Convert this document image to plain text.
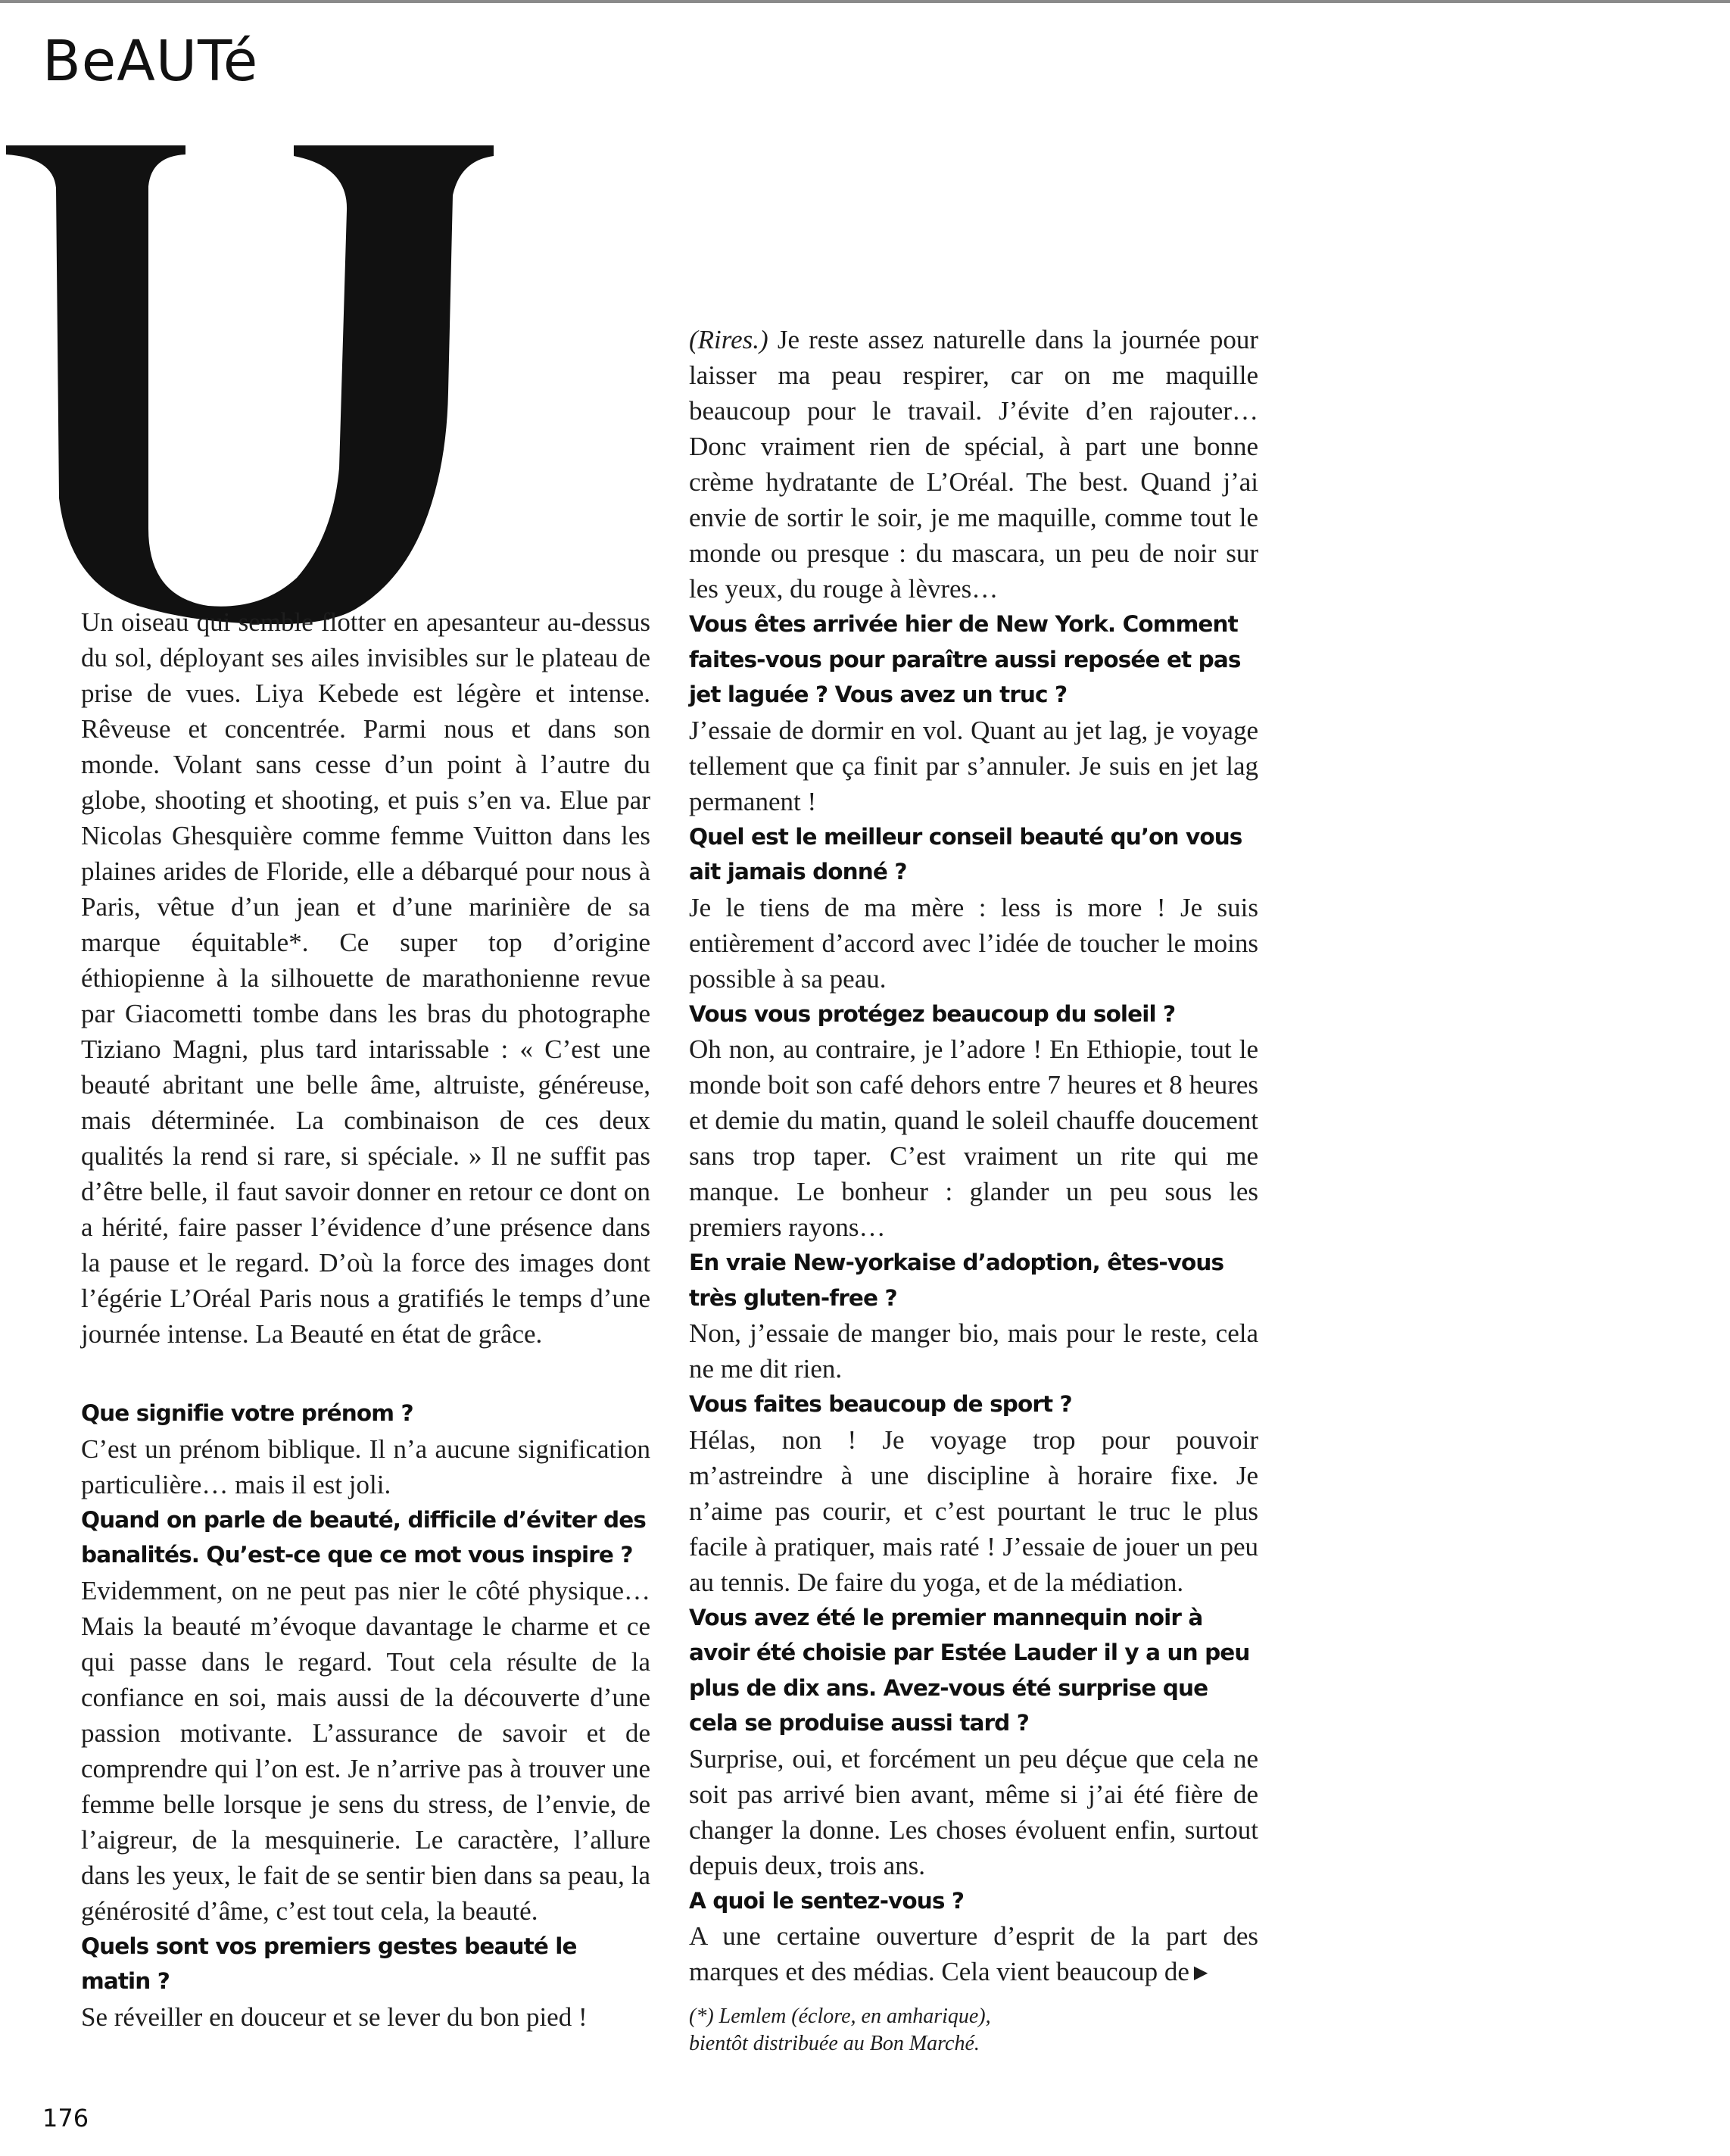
BeAUTé
U

Un oiseau qui semble flotter en apesanteur au-dessus du sol, déployant ses ailes invisibles sur le plateau de prise de vues. Liya Kebede est légère et intense. Rêveuse et concentrée. Parmi nous et dans son monde. Volant sans cesse d’un point à l’autre du globe, shooting et shooting, et puis s’en va. Elue par Nicolas Ghesquière comme femme Vuitton dans les plaines arides de Floride, elle a débarqué pour nous à Paris, vêtue d’un jean et d’une marinière de sa marque équitable*. Ce super top d’origine éthiopienne à la silhouette de marathonienne revue par Giacometti tombe dans les bras du photographe Tiziano Magni, plus tard intarissable : « C’est une beauté abritant une belle âme, altruiste, généreuse, mais déterminée. La combinaison de ces deux qualités la rend si rare, si spéciale. » Il ne suffit pas d’être belle, il faut savoir donner en retour ce dont on a hérité, faire passer l’évidence d’une présence dans la pause et le regard. D’où la force des images dont l’égérie L’Oréal Paris nous a gratifiés le temps d’une journée intense. La Beauté en état de grâce.

Que signifie votre prénom ?

C’est un prénom biblique. Il n’a aucune signification particulière… mais il est joli.

Quand on parle de beauté, difficile d’éviter des banalités. Qu’est-ce que ce mot vous inspire ?

Evidemment, on ne peut pas nier le côté physique… Mais la beauté m’évoque davantage le charme et ce qui passe dans le regard. Tout cela résulte de la confiance en soi, mais aussi de la découverte d’une passion motivante. L’assurance de savoir et de comprendre qui l’on est. Je n’arrive pas à trouver une femme belle lorsque je sens du stress, de l’envie, de l’aigreur, de la mesquinerie. Le caractère, l’allure dans les yeux, le fait de se sentir bien dans sa peau, la générosité d’âme, c’est tout cela, la beauté.

Quels sont vos premiers gestes beauté le matin ?

Se réveiller en douceur et se lever du bon pied !

(Rires.) Je reste assez naturelle dans la journée pour laisser ma peau respirer, car on me maquille beaucoup pour le travail. J’évite d’en rajouter… Donc vraiment rien de spécial, à part une bonne crème hydratante de L’Oréal. The best. Quand j’ai envie de sortir le soir, je me maquille, comme tout le monde ou presque : du mascara, un peu de noir sur les yeux, du rouge à lèvres…

Vous êtes arrivée hier de New York. Comment faites-vous pour paraître aussi reposée et pas jet laguée ? Vous avez un truc ?

J’essaie de dormir en vol. Quant au jet lag, je voyage tellement que ça finit par s’annuler. Je suis en jet lag permanent !

Quel est le meilleur conseil beauté qu’on vous ait jamais donné ?

Je le tiens de ma mère : less is more ! Je suis entièrement d’accord avec l’idée de toucher le moins possible à sa peau.

Vous vous protégez beaucoup du soleil ?

Oh non, au contraire, je l’adore ! En Ethiopie, tout le monde boit son café dehors entre 7 heures et 8 heures et demie du matin, quand le soleil chauffe doucement sans trop taper. C’est vraiment un rite qui me manque. Le bonheur : glander un peu sous les premiers rayons…

En vraie New-yorkaise d’adoption, êtes-vous très gluten-free ?

Non, j’essaie de manger bio, mais pour le reste, cela ne me dit rien.

Vous faites beaucoup de sport ?

Hélas, non ! Je voyage trop pour pouvoir m’astreindre à une discipline à horaire fixe. Je n’aime pas courir, et c’est pourtant le truc le plus facile à pratiquer, mais raté ! J’essaie de jouer un peu au tennis. De faire du yoga, et de la médiation.

Vous avez été le premier mannequin noir à avoir été choisie par Estée Lauder il y a un peu plus de dix ans. Avez-vous été surprise que cela se produise aussi tard ?

Surprise, oui, et forcément un peu déçue que cela ne soit pas arrivé bien avant, même si j’ai été fière de changer la donne. Les choses évoluent enfin, surtout depuis deux, trois ans.

A quoi le sentez-vous ?

A une certaine ouverture d’esprit de la part des marques et des médias. Cela vient beaucoup de ▶

(*) Lemlem (éclore, en amharique),
bientôt distribuée au Bon Marché.
176
